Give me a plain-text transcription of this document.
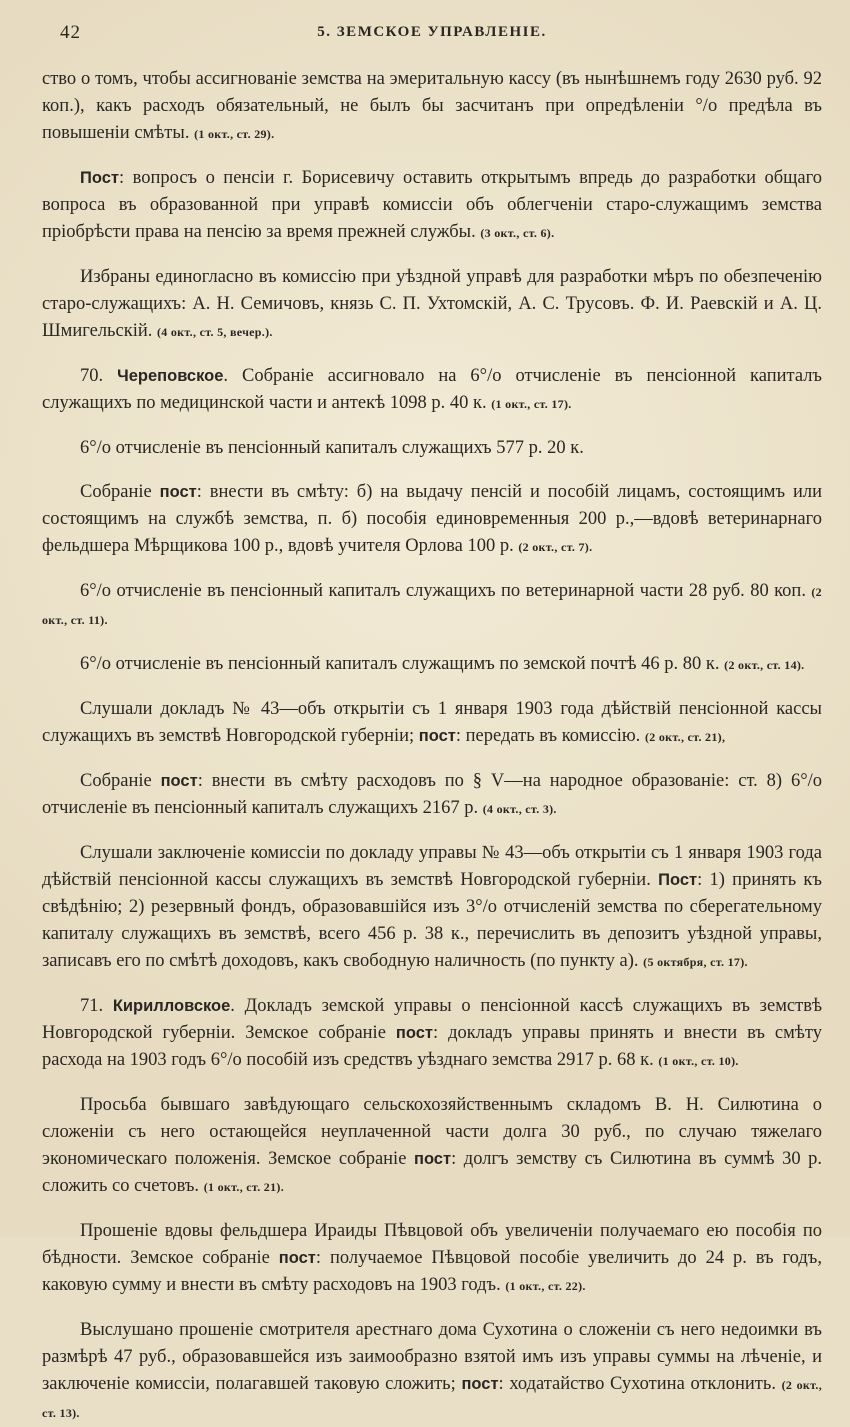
42	5. ЗЕМСКОЕ УПРАВЛЕНІЕ.

ство о томъ, чтобы ассигнованіе земства на эмеритальную кассу (въ нынѣшнемъ году 2630 руб. 92 коп.), какъ расходъ обязательный, не былъ бы засчитанъ при опредѣленіи °/о предѣла въ повышеніи смѣты. (1 окт., ст. 29).

Пост: вопросъ о пенсіи г. Борисевичу оставить открытымъ впредь до разработки общаго вопроса въ образованной при управѣ комиссіи объ облегченіи старо-служащимъ земства пріобрѣсти права на пенсію за время прежней службы. (3 окт., ст. 6).

Избраны единогласно въ комиссію при уѣздной управѣ для разработки мѣръ по обезпеченію старо-служащихъ: А. Н. Семичовъ, князь С. П. Ухтомскій, А. С. Трусовъ. Ф. И. Раевскій и А. Ц. Шмигельскій. (4 окт., ст. 5, вечер.).

70. Череповское. Собраніе ассигновало на 6°/о отчисленіе въ пенсіонной капиталъ служащихъ по медицинской части и антекѣ 1098 р. 40 к. (1 окт., ст. 17).

6°/о отчисленіе въ пенсіонный капиталъ служащихъ 577 р. 20 к.

Собраніе пост: внести въ смѣту: б) на выдачу пенсій и пособій лицамъ, состоящимъ или состоящимъ на службѣ земства, п. б) пособія единовременныя 200 р.,—вдовѣ ветеринарнаго фельдшера Мѣрщикова 100 р., вдовѣ учителя Орлова 100 р. (2 окт., ст. 7).

6°/о отчисленіе въ пенсіонный капиталъ служащихъ по ветеринарной части 28 руб. 80 коп. (2 окт., ст. 11).

6°/о отчисленіе въ пенсіонный капиталъ служащимъ по земской почтѣ 46 р. 80 к. (2 окт., ст. 14).

Слушали докладъ № 43—объ открытіи съ 1 января 1903 года дѣйствій пенсіонной кассы служащихъ въ земствѣ Новгородской губерніи; пост: передать въ комиссію. (2 окт., ст. 21),

Собраніе пост: внести въ смѣту расходовъ по § V—на народное образованіе: ст. 8) 6°/о отчисленіе въ пенсіонный капиталъ служащихъ 2167 р. (4 окт., ст. 3).

Слушали заключеніе комиссіи по докладу управы № 43—объ открытіи съ 1 января 1903 года дѣйствій пенсіонной кассы служащихъ въ земствѣ Новгородской губерніи. Пост: 1) принять къ свѣдѣнію; 2) резервный фондъ, образовавшійся изъ 3°/о отчисленій земства по сберегательному капиталу служащихъ въ земствѣ, всего 456 р. 38 к., перечислить въ депозитъ уѣздной управы, записавъ его по смѣтѣ доходовъ, какъ свободную наличность (по пункту а). (5 октября, ст. 17).

71. Кирилловское. Докладъ земской управы о пенсіонной кассѣ служащихъ въ земствѣ Новгородской губерніи. Земское собраніе пост: докладъ управы принять и внести въ смѣту расхода на 1903 годъ 6°/о пособій изъ средствъ уѣзднаго земства 2917 р. 68 к. (1 окт., ст. 10).

Просьба бывшаго завѣдующаго сельскохозяйственнымъ складомъ В. Н. Силютина о сложеніи съ него остающейся неуплаченной части долга 30 руб., по случаю тяжелаго экономическаго положенія. Земское собраніе пост: долгъ земству съ Силютина въ суммѣ 30 р. сложить со счетовъ. (1 окт., ст. 21).

Прошеніе вдовы фельдшера Ираиды Пѣвцовой объ увеличеніи получаемаго ею пособія по бѣдности. Земское собраніе пост: получаемое Пѣвцовой пособіе увеличить до 24 р. въ годъ, каковую сумму и внести въ смѣту расходовъ на 1903 годъ. (1 окт., ст. 22).

Выслушано прошеніе смотрителя арестнаго дома Сухотина о сложеніи съ него недоимки въ размѣрѣ 47 руб., образовавшейся изъ заимообразно взятой имъ изъ управы суммы на лѣченіе, и заключеніе комиссіи, полагавшей таковую сложить; пост: ходатайство Сухотина отклонить. (2 окт., ст. 13).
